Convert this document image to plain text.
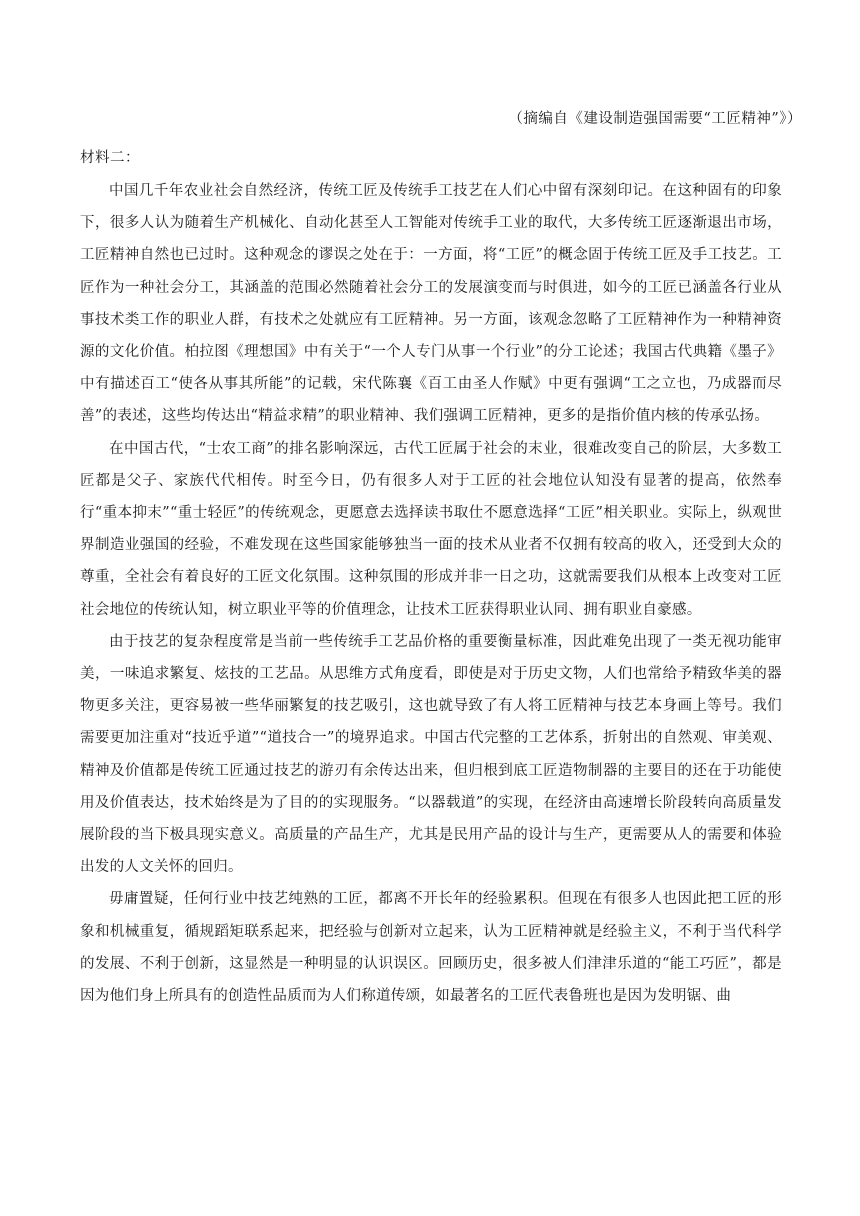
（摘编自《建设制造强国需要“工匠精神”》）
材料二：

中国几千年农业社会自然经济，传统工匠及传统手工技艺在人们心中留有深刻印记。在这种固有的印象下，很多人认为随着生产机械化、自动化甚至人工智能对传统手工业的取代，大多传统工匠逐渐退出市场，工匠精神自然也已过时。这种观念的谬误之处在于：一方面，将“工匠”的概念固于传统工匠及手工技艺。工匠作为一种社会分工，其涵盖的范围必然随着社会分工的发展演变而与时俱进，如今的工匠已涵盖各行业从事技术类工作的职业人群，有技术之处就应有工匠精神。另一方面，该观念忽略了工匠精神作为一种精神资源的文化价值。柏拉图《理想国》中有关于“一个人专门从事一个行业”的分工论述；我国古代典籍《墨子》中有描述百工“使各从事其所能”的记载，宋代陈襄《百工由圣人作赋》中更有强调“工之立也，乃成器而尽善”的表述，这些均传达出“精益求精”的职业精神、我们强调工匠精神，更多的是指价值内核的传承弘扬。

在中国古代，“士农工商”的排名影响深远，古代工匠属于社会的末业，很难改变自己的阶层，大多数工匠都是父子、家族代代相传。时至今日，仍有很多人对于工匠的社会地位认知没有显著的提高，依然奉行“重本抑末”“重士轻匠”的传统观念，更愿意去选择读书取仕不愿意选择“工匠”相关职业。实际上，纵观世界制造业强国的经验，不难发现在这些国家能够独当一面的技术从业者不仅拥有较高的收入，还受到大众的尊重，全社会有着良好的工匠文化氛围。这种氛围的形成并非一日之功，这就需要我们从根本上改变对工匠社会地位的传统认知，树立职业平等的价值理念，让技术工匠获得职业认同、拥有职业自豪感。

由于技艺的复杂程度常是当前一些传统手工艺品价格的重要衡量标准，因此难免出现了一类无视功能审美，一味追求繁复、炫技的工艺品。从思维方式角度看，即使是对于历史文物，人们也常给予精致华美的器物更多关注，更容易被一些华丽繁复的技艺吸引，这也就导致了有人将工匠精神与技艺本身画上等号。我们需要更加注重对“技近乎道”“道技合一”的境界追求。中国古代完整的工艺体系，折射出的自然观、审美观、精神及价值都是传统工匠通过技艺的游刃有余传达出来，但归根到底工匠造物制器的主要目的还在于功能使用及价值表达，技术始终是为了目的的实现服务。“以器载道”的实现，在经济由高速增长阶段转向高质量发展阶段的当下极具现实意义。高质量的产品生产，尤其是民用产品的设计与生产，更需要从人的需要和体验出发的人文关怀的回归。

毋庸置疑，任何行业中技艺纯熟的工匠，都离不开长年的经验累积。但现在有很多人也因此把工匠的形象和机械重复，循规蹈矩联系起来，把经验与创新对立起来，认为工匠精神就是经验主义，不利于当代科学的发展、不利于创新，这显然是一种明显的认识误区。回顾历史，很多被人们津津乐道的“能工巧匠”，都是因为他们身上所具有的创造性品质而为人们称道传颂，如最著名的工匠代表鲁班也是因为发明锯、曲
